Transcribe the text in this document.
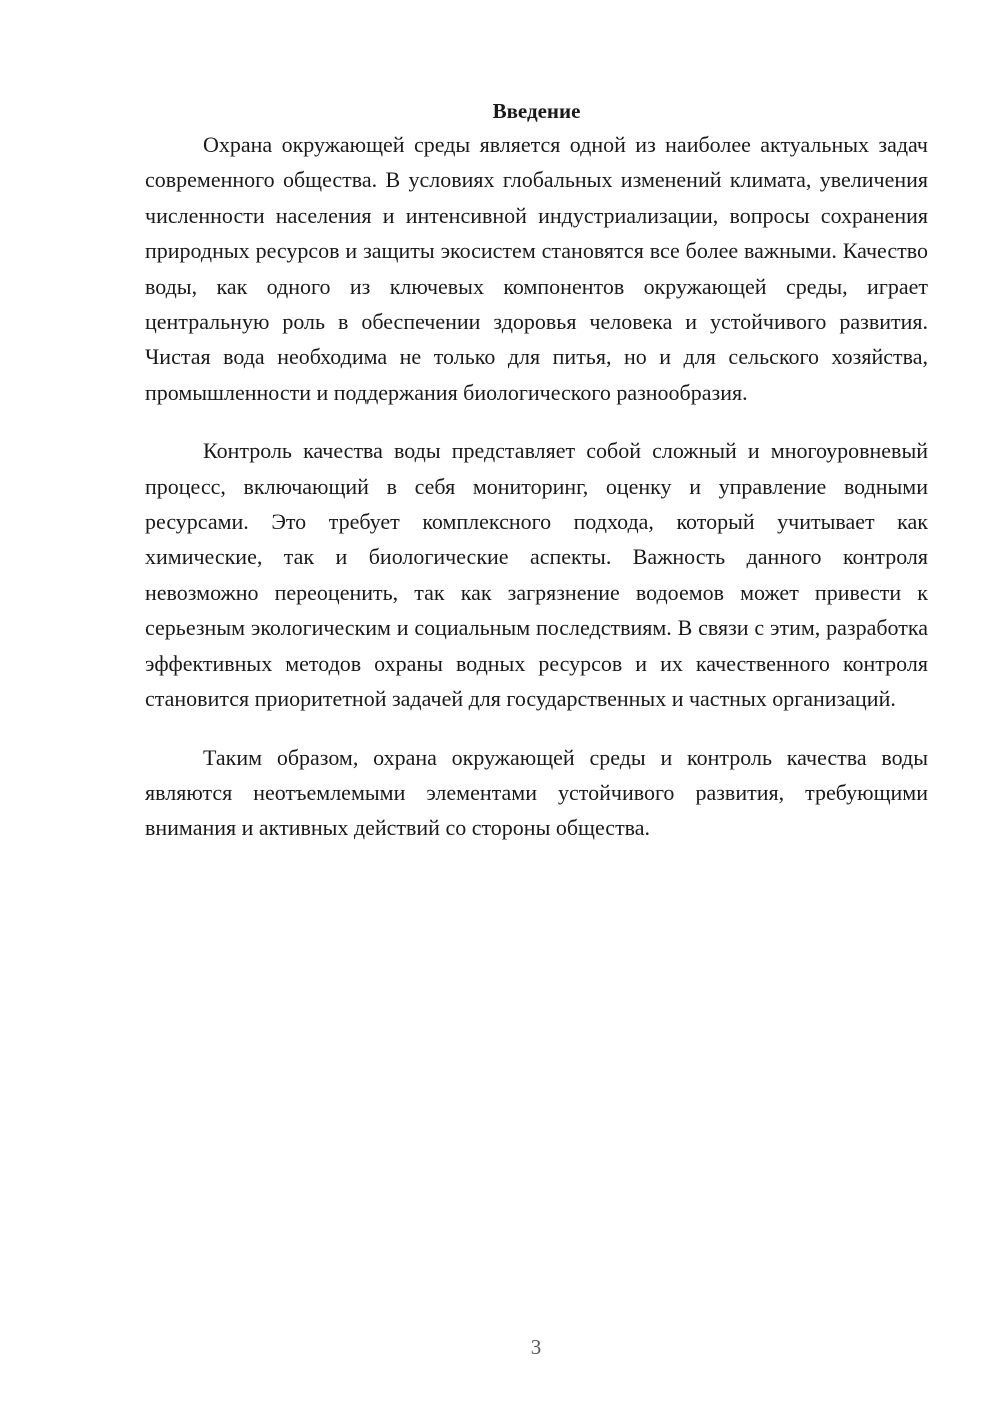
Введение

Охрана окружающей среды является одной из наиболее актуальных задач современного общества. В условиях глобальных изменений климата, увеличения численности населения и интенсивной индустриализации, вопросы сохранения природных ресурсов и защиты экосистем становятся все более важными. Качество воды, как одного из ключевых компонентов окружающей среды, играет центральную роль в обеспечении здоровья человека и устойчивого развития. Чистая вода необходима не только для питья, но и для сельского хозяйства, промышленности и поддержания биологического разнообразия.

Контроль качества воды представляет собой сложный и многоуровневый процесс, включающий в себя мониторинг, оценку и управление водными ресурсами. Это требует комплексного подхода, который учитывает как химические, так и биологические аспекты. Важность данного контроля невозможно переоценить, так как загрязнение водоемов может привести к серьезным экологическим и социальным последствиям. В связи с этим, разработка эффективных методов охраны водных ресурсов и их качественного контроля становится приоритетной задачей для государственных и частных организаций.

Таким образом, охрана окружающей среды и контроль качества воды являются неотъемлемыми элементами устойчивого развития, требующими внимания и активных действий со стороны общества.

3
